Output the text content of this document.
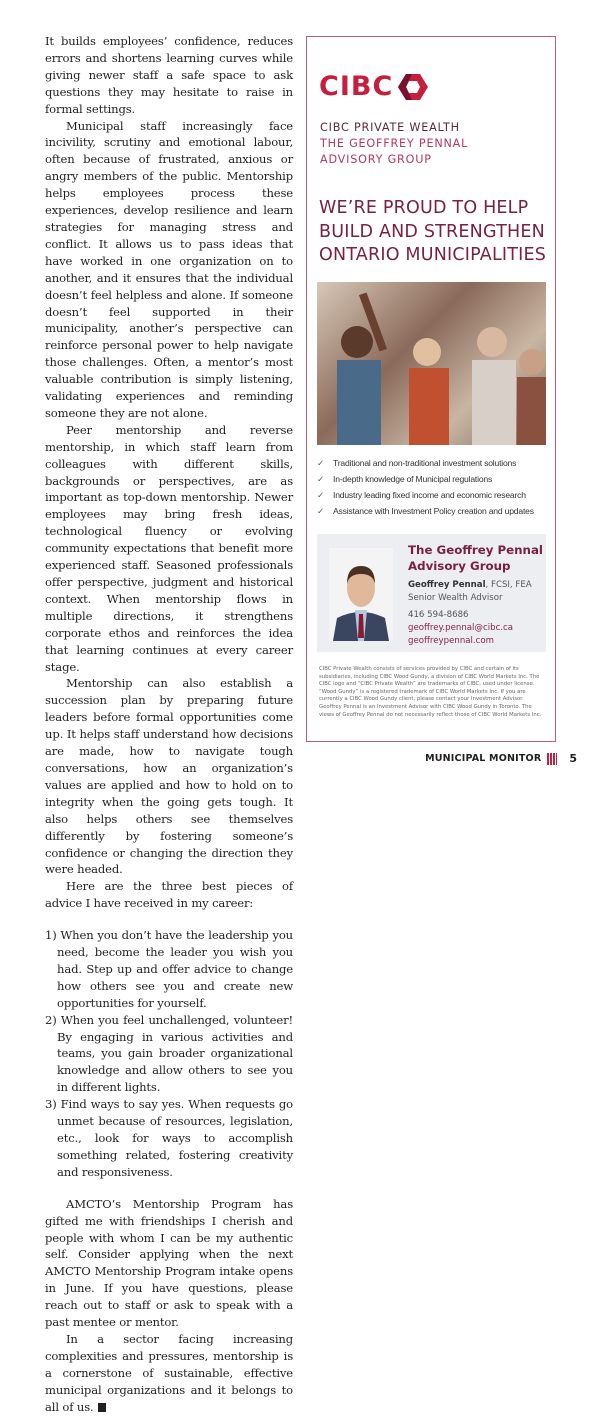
It builds employees’ confidence, reduces errors and shortens learning curves while giving newer staff a safe space to ask questions they may hesitate to raise in formal settings.

Municipal staff increasingly face incivility, scrutiny and emotional labour, often because of frustrated, anxious or angry members of the public. Mentorship helps employees process these experiences, develop resilience and learn strategies for managing stress and conflict. It allows us to pass ideas that have worked in one organization on to another, and it ensures that the individual doesn’t feel helpless and alone. If someone doesn’t feel supported in their municipality, another’s perspective can reinforce personal power to help navigate those challenges. Often, a mentor’s most valuable contribution is simply listening, validating experiences and reminding someone they are not alone.

Peer mentorship and reverse mentorship, in which staff learn from colleagues with different skills, backgrounds or perspectives, are as important as top-down mentorship. Newer employees may bring fresh ideas, technological fluency or evolving community expectations that benefit more experienced staff. Seasoned professionals offer perspective, judgment and historical context. When mentorship flows in multiple directions, it strengthens corporate ethos and reinforces the idea that learning continues at every career stage.

Mentorship can also establish a succession plan by preparing future leaders before formal opportunities come up. It helps staff understand how decisions are made, how to navigate tough conversations, how an organization’s values are applied and how to hold on to integrity when the going gets tough. It also helps others see themselves differently by fostering someone’s confidence or changing the direction they were headed.

Here are the three best pieces of advice I have received in my career:

1) When you don’t have the leadership you need, become the leader you wish you had. Step up and offer advice to change how others see you and create new opportunities for yourself.
2) When you feel unchallenged, volunteer! By engaging in various activities and teams, you gain broader organizational knowledge and allow others to see you in different lights.
3) Find ways to say yes. When requests go unmet because of resources, legislation, etc., look for ways to accomplish something related, fostering creativity and responsiveness.

AMCTO’s Mentorship Program has gifted me with friendships I cherish and people with whom I can be my authentic self. Consider applying when the next AMCTO Mentorship Program intake opens in June. If you have questions, please reach out to staff or ask to speak with a past mentee or mentor.

In a sector facing increasing complexities and pressures, mentorship is a cornerstone of sustainable, effective municipal organizations and it belongs to all of us.

CIBC
CIBC PRIVATE WEALTH
THE GEOFFREY PENNAL
ADVISORY GROUP
WE’RE PROUD TO HELP
BUILD AND STRENGTHEN
ONTARIO MUNICIPALITIES
✓ Traditional and non-traditional investment solutions
✓ In-depth knowledge of Municipal regulations
✓ Industry leading fixed income and economic research
✓ Assistance with Investment Policy creation and updates
The Geoffrey Pennal Advisory Group
Geoffrey Pennal, FCSI, FEA
Senior Wealth Advisor
416 594-8686
geoffrey.pennal@cibc.ca
geoffreypennal.com
CIBC Private Wealth consists of services provided by CIBC and certain of its subsidiaries, including CIBC Wood Gundy, a division of CIBC World Markets Inc. The CIBC logo and “CIBC Private Wealth” are trademarks of CIBC, used under license. “Wood Gundy” is a registered trademark of CIBC World Markets Inc. If you are currently a CIBC Wood Gundy client, please contact your Investment Advisor. Geoffrey Pennal is an Investment Advisor with CIBC Wood Gundy in Toronto. The views of Geoffrey Pennal do not necessarily reflect those of CIBC World Markets Inc.
MUNICIPAL MONITOR	5
